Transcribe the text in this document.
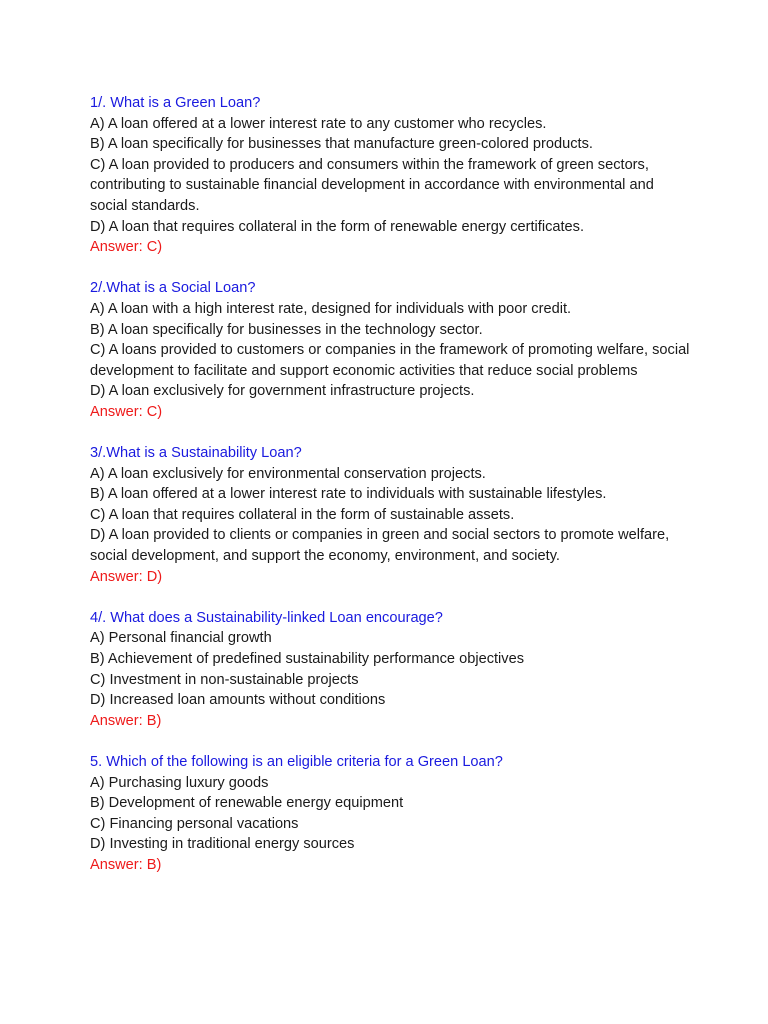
1/. What is a Green Loan?
A) A loan offered at a lower interest rate to any customer who recycles.
B) A loan specifically for businesses that manufacture green-colored products.
C) A loan provided to producers and consumers within the framework of green sectors, contributing to sustainable financial development in accordance with environmental and social standards.
D) A loan that requires collateral in the form of renewable energy certificates.
Answer: C)
2/.What is a Social Loan?
A) A loan with a high interest rate, designed for individuals with poor credit.
B) A loan specifically for businesses in the technology sector.
C) A loans provided to customers or companies in the framework of promoting welfare, social development to facilitate and support economic activities that reduce social problems
D) A loan exclusively for government infrastructure projects.
Answer: C)
3/.What is a Sustainability Loan?
A) A loan exclusively for environmental conservation projects.
B) A loan offered at a lower interest rate to individuals with sustainable lifestyles.
C) A loan that requires collateral in the form of sustainable assets.
D) A loan provided to clients or companies in green and social sectors to promote welfare, social development, and support the economy, environment, and society.
Answer: D)
4/. What does a Sustainability-linked Loan encourage?
A) Personal financial growth
B) Achievement of predefined sustainability performance objectives
C) Investment in non-sustainable projects
D) Increased loan amounts without conditions
Answer: B)
5. Which of the following is an eligible criteria for a Green Loan?
A) Purchasing luxury goods
B) Development of renewable energy equipment
C) Financing personal vacations
D) Investing in traditional energy sources
Answer: B)
